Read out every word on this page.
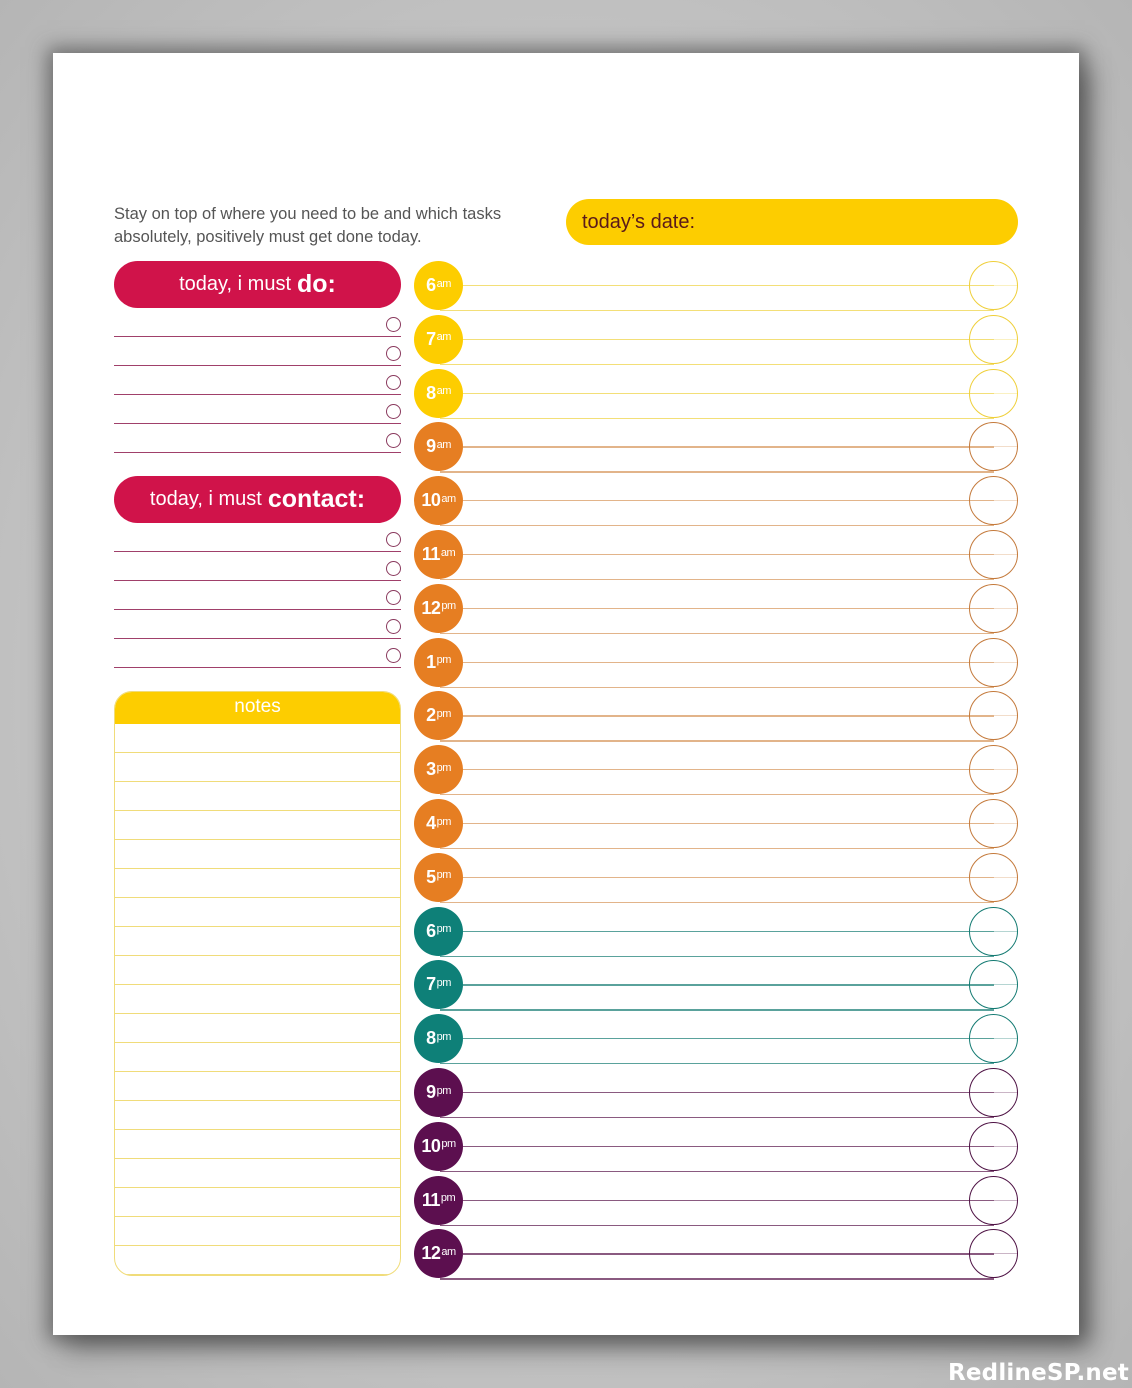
Stay on top of where you need to be and which tasks absolutely, positively must get done today.

today’s date:
today, i must do:
today, i must contact:
notes
$6^{am}$
$7^{am}$
$8^{am}$
$9^{am}$
$10^{am}$
$11^{am}$
$12^{pm}$
$1^{pm}$
$2^{pm}$
$3^{pm}$
$4^{pm}$
$5^{pm}$
$6^{pm}$
$7^{pm}$
$8^{pm}$
$9^{pm}$
$10^{pm}$
$11^{pm}$
$12^{am}$
RedlineSP.net
